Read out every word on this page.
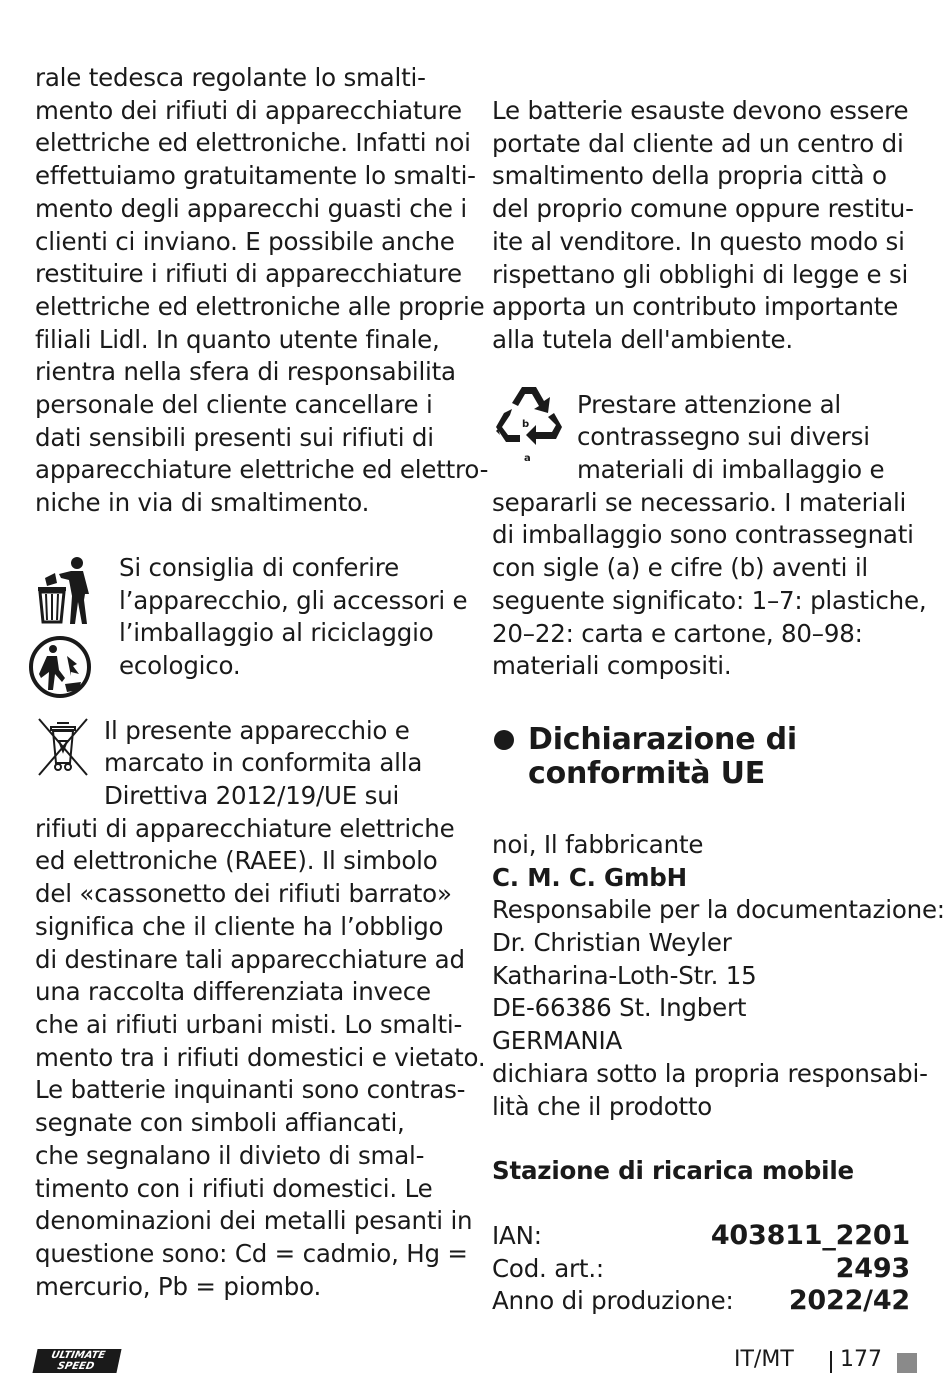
rale tedesca regolante lo smalti-
mento dei rifiuti di apparecchiature
elettriche ed elettroniche. Infatti noi
effettuiamo gratuitamente lo smalti-
mento degli apparecchi guasti che i
clienti ci inviano. E possibile anche
restituire i rifiuti di apparecchiature
elettriche ed elettroniche alle proprie
filiali Lidl. In quanto utente finale,
rientra nella sfera di responsabilita
personale del cliente cancellare i
dati sensibili presenti sui rifiuti di
apparecchiature elettriche ed elettro-
niche in via di smaltimento.

Si consiglia di conferire
l’apparecchio, gli accessori e
l’imballaggio al riciclaggio
ecologico.
Il presente apparecchio e
marcato in conformita alla
Direttiva 2012/19/UE sui
rifiuti di apparecchiature elettriche
ed elettroniche (RAEE). Il simbolo
del «cassonetto dei rifiuti barrato»
significa che il cliente ha l’obbligo
di destinare tali apparecchiature ad
una raccolta differenziata invece
che ai rifiuti urbani misti. Lo smalti-
mento tra i rifiuti domestici e vietato.
Le batterie inquinanti sono contras-
segnate con simboli affiancati,
che segnalano il divieto di smal-
timento con i rifiuti domestici. Le
denominazioni dei metalli pesanti in
questione sono: Cd = cadmio, Hg =
mercurio, Pb = piombo.

Le batterie esauste devono essere
portate dal cliente ad un centro di
smaltimento della propria città o
del proprio comune oppure restitu-
ite al venditore. In questo modo si
rispettano gli obblighi di legge e si
apporta un contributo importante
alla tutela dell'ambiente.

b
a
Prestare attenzione al
contrassegno sui diversi
materiali di imballaggio e
separarli se necessario. I materiali
di imballaggio sono contrassegnati
con sigle (a) e cifre (b) aventi il
seguente significato: 1–7: plastiche,
20–22: carta e cartone, 80–98:
materiali compositi.
Dichiarazione di
conformità UE
noi, Il fabbricante
C. M. C. GmbH
Responsabile per la documentazione:
Dr. Christian Weyler
Katharina-Loth-Str. 15
DE-66386 St. Ingbert
GERMANIA
dichiara sotto la propria responsabi-
lità che il prodotto
Stazione di ricarica mobile
IAN:	403811_2201
Cod. art.:	2493
Anno di produzione: 2022/42
ULTIMATE
SPEED	IT/MT 177
